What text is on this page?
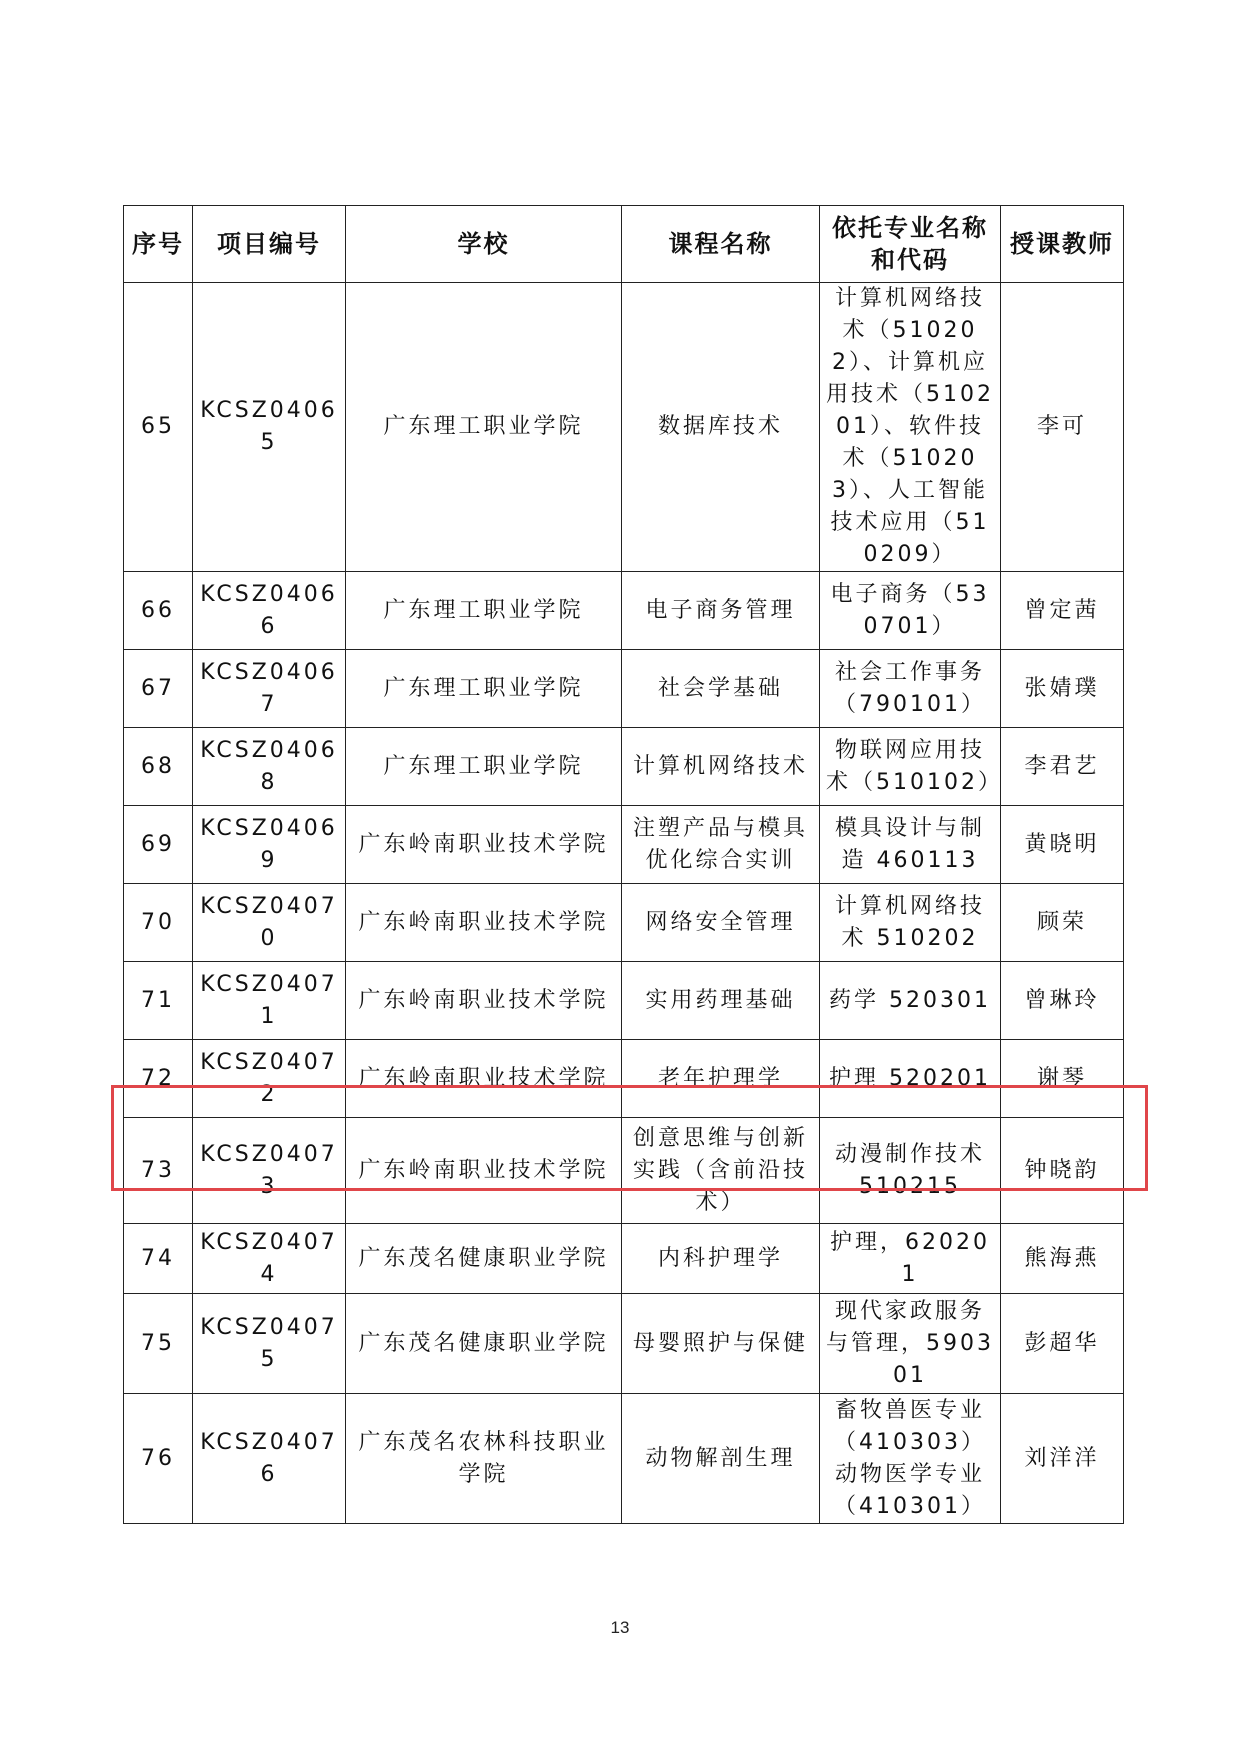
序号	项目编号	学校	课程名称	依托专业名称和代码	授课教师
65	KCSZ04065	广东理工职业学院	数据库技术	计算机网络技术（510202）、计算机应用技术（510201）、软件技术（510203）、人工智能技术应用（510209）	李可
66	KCSZ04066	广东理工职业学院	电子商务管理	电子商务（530701）	曾定茜
67	KCSZ04067	广东理工职业学院	社会学基础	社会工作事务（790101）	张婧璞
68	KCSZ04068	广东理工职业学院	计算机网络技术	物联网应用技术（510102）	李君艺
69	KCSZ04069	广东岭南职业技术学院	注塑产品与模具优化综合实训	模具设计与制造 460113	黄晓明
70	KCSZ04070	广东岭南职业技术学院	网络安全管理	计算机网络技术 510202	顾荣
71	KCSZ04071	广东岭南职业技术学院	实用药理基础	药学 520301	曾琳玲
72	KCSZ04072	广东岭南职业技术学院	老年护理学	护理 520201	谢琴
73	KCSZ04073	广东岭南职业技术学院	创意思维与创新实践（含前沿技术）	动漫制作技术 510215	钟晓韵
74	KCSZ04074	广东茂名健康职业学院	内科护理学	护理，620201	熊海燕
75	KCSZ04075	广东茂名健康职业学院	母婴照护与保健	现代家政服务与管理，590301	彭超华
76	KCSZ04076	广东茂名农林科技职业学院	动物解剖生理	畜牧兽医专业（410303）动物医学专业（410301）	刘洋洋
13
